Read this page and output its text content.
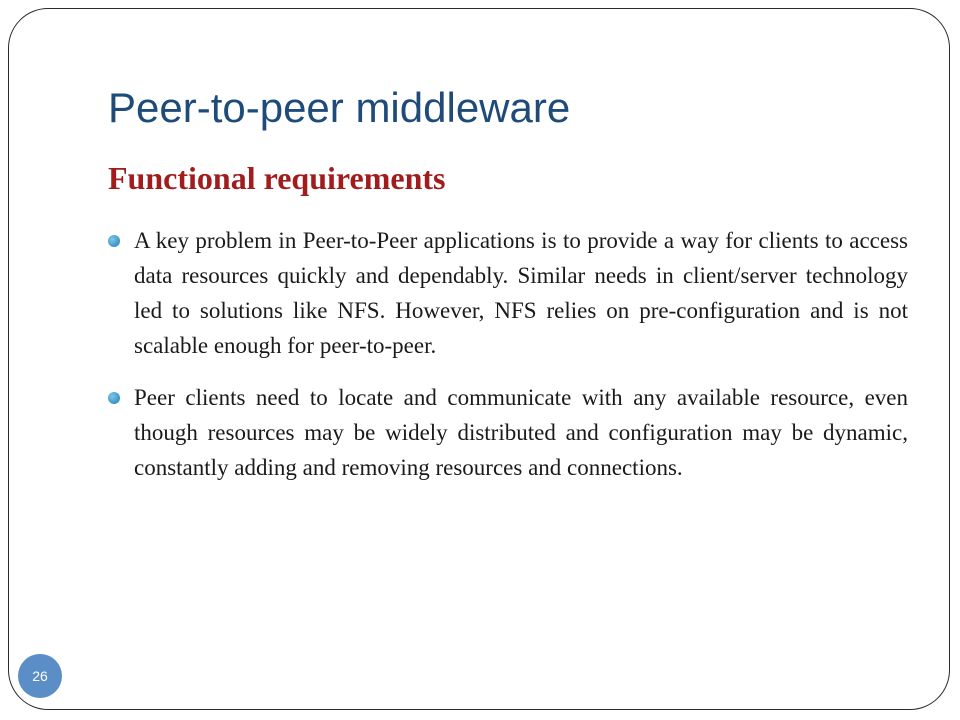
Peer-to-peer middleware
Functional requirements
A key problem in Peer-to-Peer applications is to provide a way for clients to access data resources quickly and dependably. Similar needs in client/server technology led to solutions like NFS. However, NFS relies on pre-configuration and is not scalable enough for peer-to-peer.
Peer clients need to locate and communicate with any available resource, even though resources may be widely distributed and configuration may be dynamic, constantly adding and removing resources and connections.
26
